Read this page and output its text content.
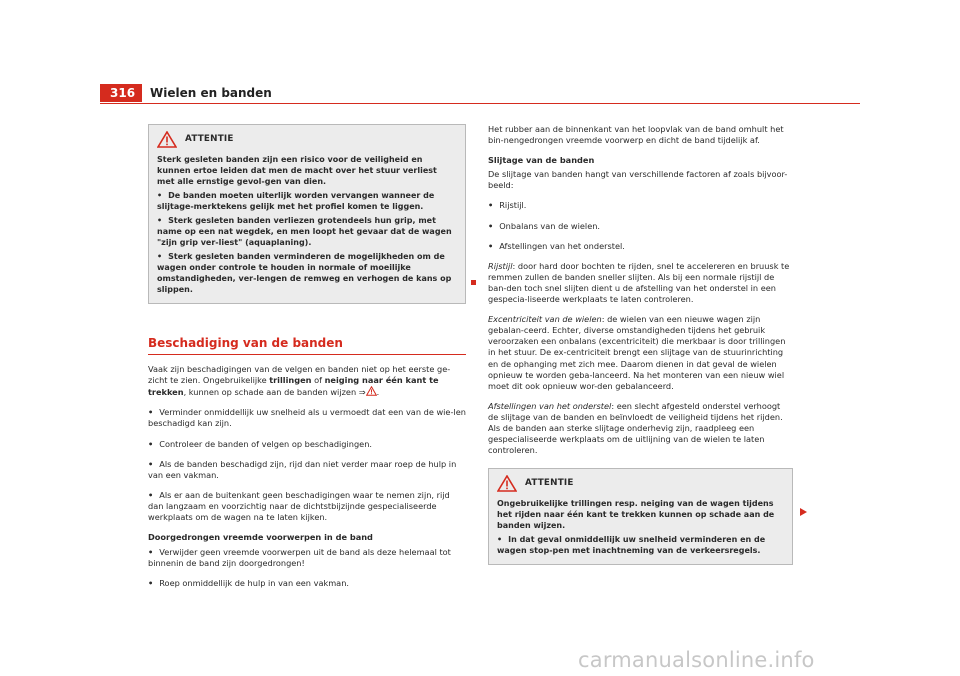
316	Wielen en banden
ATTENTIE

Sterk gesleten banden zijn een risico voor de veiligheid en kunnen ertoe leiden dat men de macht over het stuur verliest met alle ernstige gevol-gen van dien.

• De banden moeten uiterlijk worden vervangen wanneer de slijtage-merktekens gelijk met het profiel komen te liggen.
• Sterk gesleten banden verliezen grotendeels hun grip, met name op een nat wegdek, en men loopt het gevaar dat de wagen "zijn grip ver-liest" (aquaplaning).
• Sterk gesleten banden verminderen de mogelijkheden om de wagen onder controle te houden in normale of moeilijke omstandigheden, ver-lengen de remweg en verhogen de kans op slippen.
Beschadiging van de banden

Vaak zijn beschadigingen van de velgen en banden niet op het eerste ge-zicht te zien. Ongebruikelijke trillingen of neiging naar één kant te trekken, kunnen op schade aan de banden wijzen ⇒ .

• Verminder onmiddellijk uw snelheid als u vermoedt dat een van de wie-len beschadigd kan zijn.
• Controleer de banden of velgen op beschadigingen.
• Als de banden beschadigd zijn, rijd dan niet verder maar roep de hulp in van een vakman.
• Als er aan de buitenkant geen beschadigingen waar te nemen zijn, rijd dan langzaam en voorzichtig naar de dichtstbijzijnde gespecialiseerde werkplaats om de wagen na te laten kijken.
Doorgedrongen vreemde voorwerpen in de band
• Verwijder geen vreemde voorwerpen uit de band als deze helemaal tot binnenin de band zijn doorgedrongen!
• Roep onmiddellijk de hulp in van een vakman.

Het rubber aan de binnenkant van het loopvlak van de band omhult het bin-nengedrongen vreemde voorwerp en dicht de band tijdelijk af.

Slijtage van de banden

De slijtage van banden hangt van verschillende factoren af zoals bijvoor-beeld:

• Rijstijl.
• Onbalans van de wielen.
• Afstellingen van het onderstel.

Rijstijl: door hard door bochten te rijden, snel te accelereren en bruusk te remmen zullen de banden sneller slijten. Als bij een normale rijstijl de ban-den toch snel slijten dient u de afstelling van het onderstel in een gespecia-liseerde werkplaats te laten controleren.

Excentriciteit van de wielen: de wielen van een nieuwe wagen zijn gebalan-ceerd. Echter, diverse omstandigheden tijdens het gebruik veroorzaken een onbalans (excentriciteit) die merkbaar is door trillingen in het stuur. De ex-centriciteit brengt een slijtage van de stuurinrichting en de ophanging met zich mee. Daarom dienen in dat geval de wielen opnieuw te worden geba-lanceerd. Na het monteren van een nieuw wiel moet dit ook opnieuw wor-den gebalanceerd.

Afstellingen van het onderstel: een slecht afgesteld onderstel verhoogt de slijtage van de banden en beïnvloedt de veiligheid tijdens het rijden. Als de banden aan sterke slijtage onderhevig zijn, raadpleeg een gespecialiseerde werkplaats om de uitlijning van de wielen te laten controleren.

ATTENTIE

Ongebruikelijke trillingen resp. neiging van de wagen tijdens het rijden naar één kant te trekken kunnen op schade aan de banden wijzen.

• In dat geval onmiddellijk uw snelheid verminderen en de wagen stop-pen met inachtneming van de verkeersregels.
carmanualsonline.info
